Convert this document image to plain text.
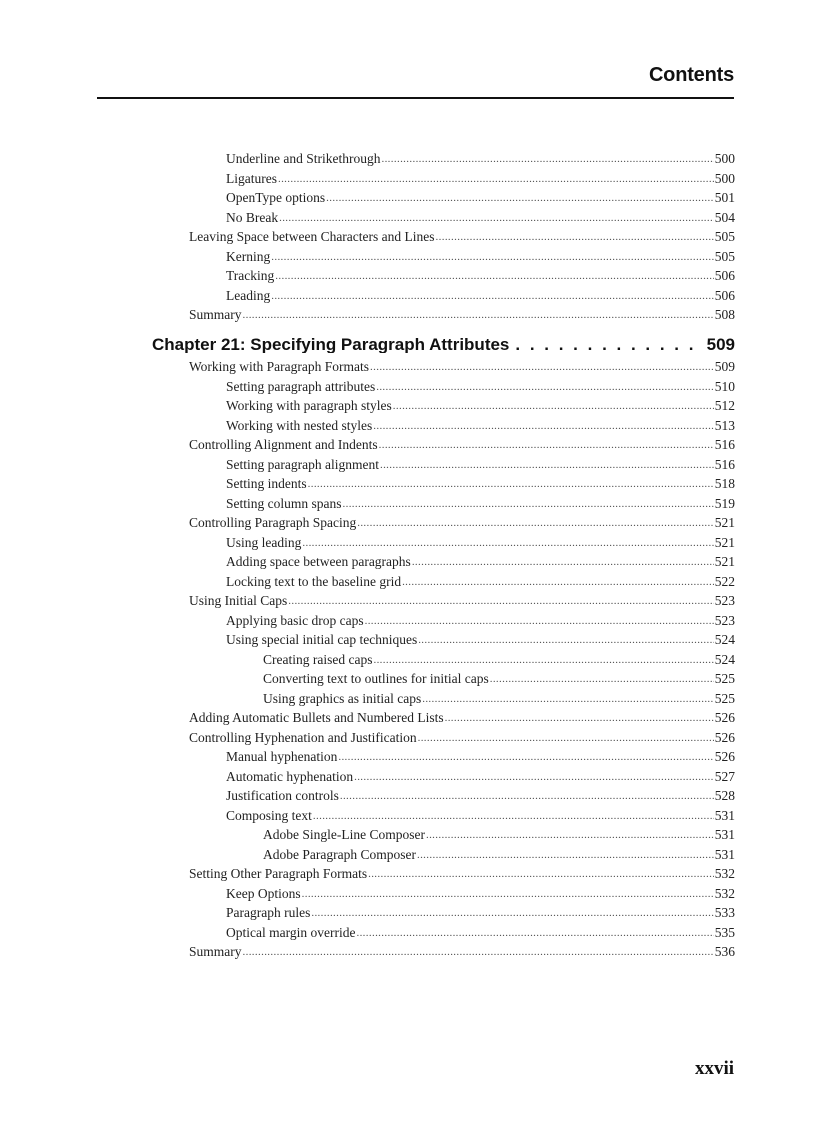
Contents
Underline and Strikethrough . . .	500
Ligatures . . .	500
OpenType options . . .	501
No Break . . .	504
Leaving Space between Characters and Lines . . .	505
Kerning . . .	505
Tracking . . .	506
Leading . . .	506
Summary . . .	508
Chapter 21: Specifying Paragraph Attributes . . .	509
Working with Paragraph Formats . . .	509
Setting paragraph attributes . . .	510
Working with paragraph styles . . .	512
Working with nested styles . . .	513
Controlling Alignment and Indents . . .	516
Setting paragraph alignment . . .	516
Setting indents . . .	518
Setting column spans . . .	519
Controlling Paragraph Spacing . . .	521
Using leading . . .	521
Adding space between paragraphs . . .	521
Locking text to the baseline grid . . .	522
Using Initial Caps . . .	523
Applying basic drop caps . . .	523
Using special initial cap techniques . . .	524
Creating raised caps . . .	524
Converting text to outlines for initial caps . . .	525
Using graphics as initial caps . . .	525
Adding Automatic Bullets and Numbered Lists . . .	526
Controlling Hyphenation and Justification . . .	526
Manual hyphenation . . .	526
Automatic hyphenation . . .	527
Justification controls . . .	528
Composing text . . .	531
Adobe Single-Line Composer . . .	531
Adobe Paragraph Composer . . .	531
Setting Other Paragraph Formats . . .	532
Keep Options . . .	532
Paragraph rules . . .	533
Optical margin override . . .	535
Summary . . .	536
xxvii
